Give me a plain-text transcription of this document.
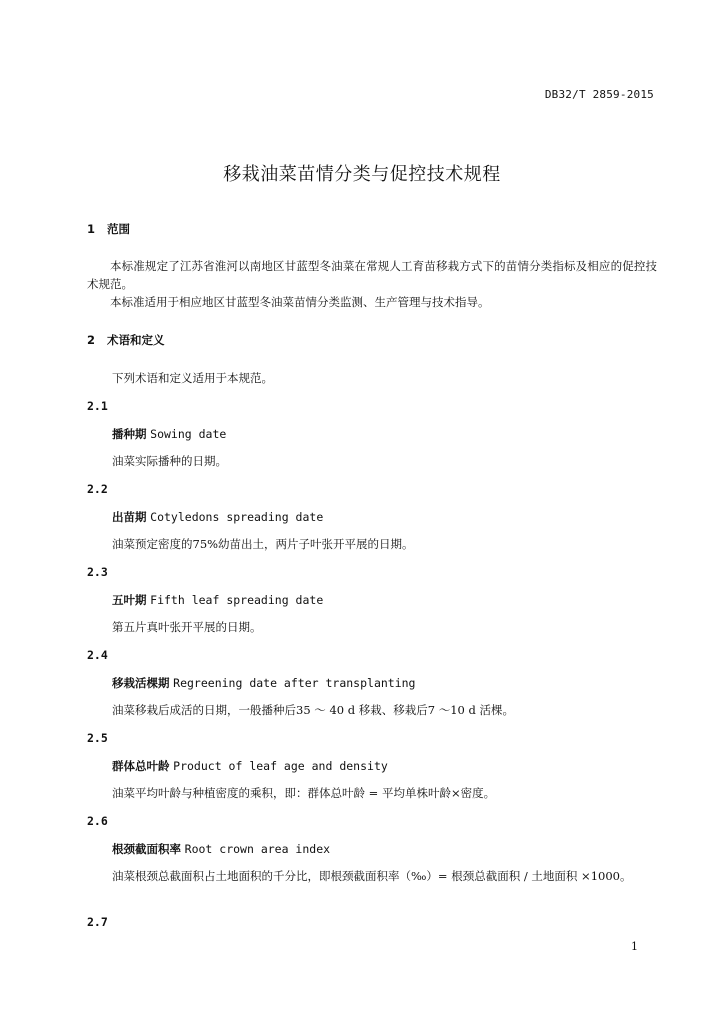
DB32/T 2859-2015
移栽油菜苗情分类与促控技术规程
1 范围
本标准规定了江苏省淮河以南地区甘蓝型冬油菜在常规人工育苗移栽方式下的苗情分类指标及相应的促控技术规范。
本标准适用于相应地区甘蓝型冬油菜苗情分类监测、生产管理与技术指导。
2 术语和定义
下列术语和定义适用于本规范。
2.1
播种期 Sowing date
油菜实际播种的日期。
2.2
出苗期 Cotyledons spreading date
油菜预定密度的75%幼苗出土，两片子叶张开平展的日期。
2.3
五叶期 Fifth leaf spreading date
第五片真叶张开平展的日期。
2.4
移栽活棵期 Regreening date after transplanting
油菜移栽后成活的日期，一般播种后35 ～ 40 d 移栽、移栽后7 ～10 d 活棵。
2.5
群体总叶龄 Product of leaf age and density
油菜平均叶龄与种植密度的乘积，即：群体总叶龄 = 平均单株叶龄×密度。
2.6
根颈截面积率 Root crown area index
油菜根颈总截面积占土地面积的千分比，即根颈截面积率（‰）= 根颈总截面积 / 土地面积 ×1000。
2.7
1
